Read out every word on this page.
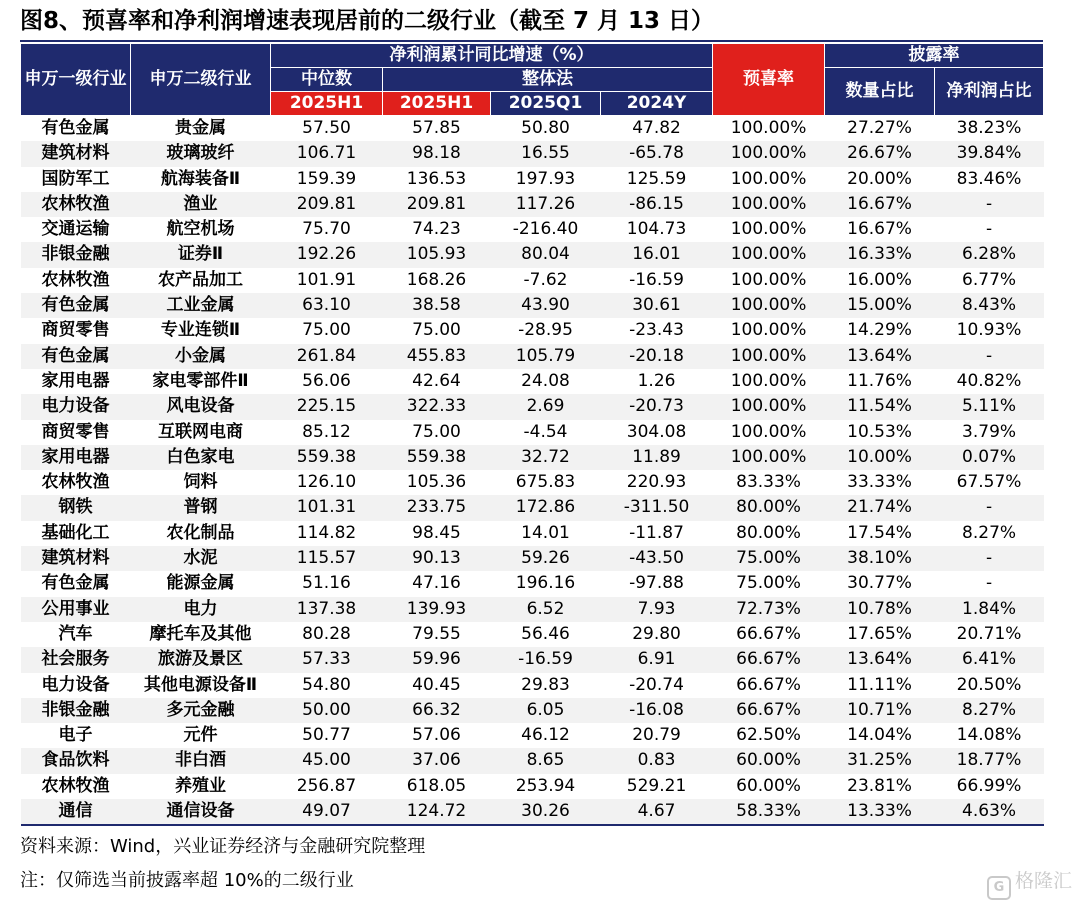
图8、预喜率和净利润增速表现居前的二级行业（截至 7 月 13 日）
申万一级行业	申万二级行业	净利润累计同比增速（%）				预喜率	披露率	
		中位数	整体法				数量占比	净利润占比
		2025H1	2025H1	2025Q1	2024Y			
有色金属	贵金属	57.50	57.85	50.80	47.82	100.00%	27.27%	38.23%
建筑材料	玻璃玻纤	106.71	98.18	16.55	-65.78	100.00%	26.67%	39.84%
国防军工	航海装备Ⅱ	159.39	136.53	197.93	125.59	100.00%	20.00%	83.46%
农林牧渔	渔业	209.81	209.81	117.26	-86.15	100.00%	16.67%	-
交通运输	航空机场	75.70	74.23	-216.40	104.73	100.00%	16.67%	-
非银金融	证券Ⅱ	192.26	105.93	80.04	16.01	100.00%	16.33%	6.28%
农林牧渔	农产品加工	101.91	168.26	-7.62	-16.59	100.00%	16.00%	6.77%
有色金属	工业金属	63.10	38.58	43.90	30.61	100.00%	15.00%	8.43%
商贸零售	专业连锁Ⅱ	75.00	75.00	-28.95	-23.43	100.00%	14.29%	10.93%
有色金属	小金属	261.84	455.83	105.79	-20.18	100.00%	13.64%	-
家用电器	家电零部件Ⅱ	56.06	42.64	24.08	1.26	100.00%	11.76%	40.82%
电力设备	风电设备	225.15	322.33	2.69	-20.73	100.00%	11.54%	5.11%
商贸零售	互联网电商	85.12	75.00	-4.54	304.08	100.00%	10.53%	3.79%
家用电器	白色家电	559.38	559.38	32.72	11.89	100.00%	10.00%	0.07%
农林牧渔	饲料	126.10	105.36	675.83	220.93	83.33%	33.33%	67.57%
钢铁	普钢	101.31	233.75	172.86	-311.50	80.00%	21.74%	-
基础化工	农化制品	114.82	98.45	14.01	-11.87	80.00%	17.54%	8.27%
建筑材料	水泥	115.57	90.13	59.26	-43.50	75.00%	38.10%	-
有色金属	能源金属	51.16	47.16	196.16	-97.88	75.00%	30.77%	-
公用事业	电力	137.38	139.93	6.52	7.93	72.73%	10.78%	1.84%
汽车	摩托车及其他	80.28	79.55	56.46	29.80	66.67%	17.65%	20.71%
社会服务	旅游及景区	57.33	59.96	-16.59	6.91	66.67%	13.64%	6.41%
电力设备	其他电源设备Ⅱ	54.80	40.45	29.83	-20.74	66.67%	11.11%	20.50%
非银金融	多元金融	50.00	66.32	6.05	-16.08	66.67%	10.71%	8.27%
电子	元件	50.77	57.06	46.12	20.79	62.50%	14.04%	14.08%
食品饮料	非白酒	45.00	37.06	8.65	0.83	60.00%	31.25%	18.77%
农林牧渔	养殖业	256.87	618.05	253.94	529.21	60.00%	23.81%	66.99%
通信	通信设备	49.07	124.72	30.26	4.67	58.33%	13.33%	4.63%
资料来源：Wind，兴业证券经济与金融研究院整理
注：仅筛选当前披露率超 10%的二级行业	G 格隆汇
